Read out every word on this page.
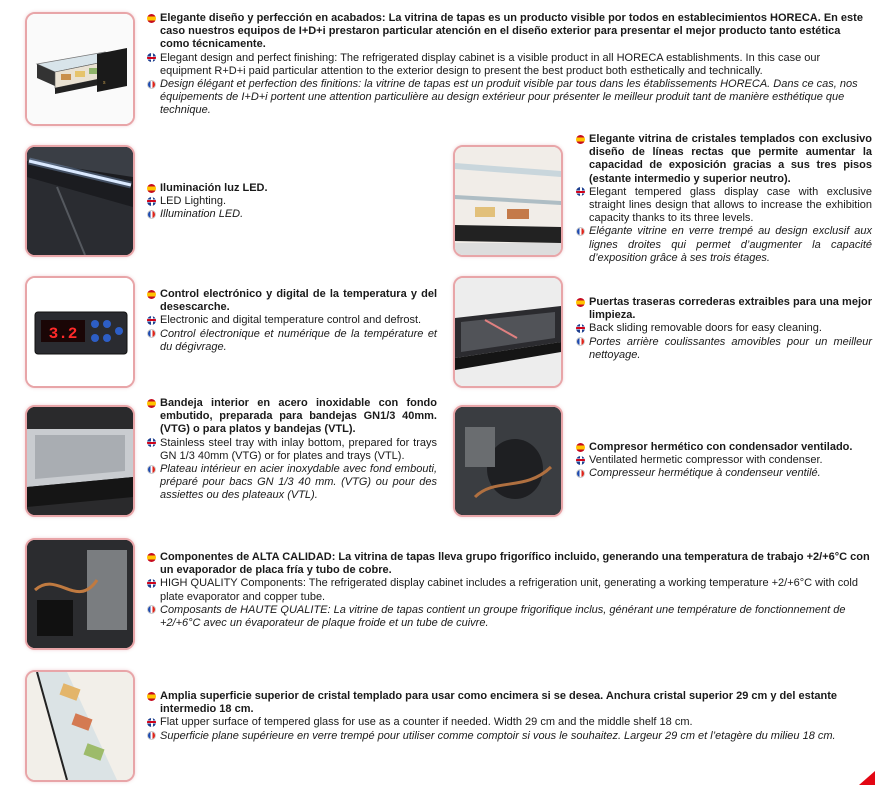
s
3.2

Elegante diseño y perfección en acabados: La vitrina de tapas es un producto visible por todos en establecimientos HORECA. En este caso nuestros equipos de I+D+i prestaron particular atención en el diseño exterior para presentar el mejor producto tanto estética como técnicamente.

Elegant design and perfect finishing: The refrigerated display cabinet is a visible product in all HORECA establishments. In this case our equipment R+D+i paid particular attention to the exterior design to present the best product both esthetically and technically.

Design élégant et perfection des finitions: la vitrine de tapas est un produit visible par tous dans les établissements HORECA. Dans ce cas, nos équipements de I+D+i portent une attention particulière au design extérieur pour présenter le meilleur produit tant de manière esthétique que technique.

Iluminación luz LED.

LED Lighting.

Illumination LED.

Elegante vitrina de cristales templados con exclusivo diseño de líneas rectas que permite aumentar la capacidad de exposición gracias a sus tres pisos (estante intermedio y superior neutro).

Elegant tempered glass display case with exclusive straight lines design that allows to increase the exhibition capacity thanks to its three levels.

Elégante vitrine en verre trempé au design exclusif aux lignes droites qui permet d’augmenter la capacité d’exposition grâce à ses trois étages.

Control electrónico y digital de la temperatura y del desescarche.

Electronic and digital temperature control and defrost.

Control électronique et numérique de la température et du dégivrage.

Puertas traseras correderas extraibles para una mejor limpieza.

Back sliding removable doors for easy cleaning.

Portes arrière coulissantes amovibles pour un meilleur nettoyage.

Bandeja interior en acero inoxidable con fondo embutido, preparada para bandejas GN1/3 40mm. (VTG) o para platos y bandejas (VTL).

Stainless steel tray with inlay bottom, prepared for trays GN 1/3 40mm (VTG) or for plates and trays (VTL).

Plateau intérieur en acier inoxydable avec fond embouti, préparé pour bacs GN 1/3 40 mm. (VTG) ou pour des assiettes ou des plateaux (VTL).

Compresor hermético con condensador ventilado.

Ventilated hermetic compressor with condenser.

Compresseur hermétique à condenseur ventilé.

Componentes de ALTA CALIDAD: La vitrina de tapas lleva grupo frigorífico incluido, generando una temperatura de trabajo +2/+6°C con un evaporador de placa fría y tubo de cobre.

HIGH QUALITY Components: The refrigerated display cabinet includes a refrigeration unit, generating a working temperature +2/+6°C with cold plate evaporator and copper tube.

Composants de HAUTE QUALITE: La vitrine de tapas contient un groupe frigorifique inclus, générant une température de fonctionnement de +2/+6°C avec un évaporateur de plaque froide et un tube de cuivre.

Amplia superficie superior de cristal templado para usar como encimera si se desea. Anchura cristal superior 29 cm y del estante intermedio 18 cm.

Flat upper surface of tempered glass for use as a counter if needed. Width 29 cm and the middle shelf 18 cm.

Superficie plane supérieure en verre trempé pour utiliser comme comptoir si vous le souhaitez. Largeur 29 cm et l’etagère du milieu 18 cm.
